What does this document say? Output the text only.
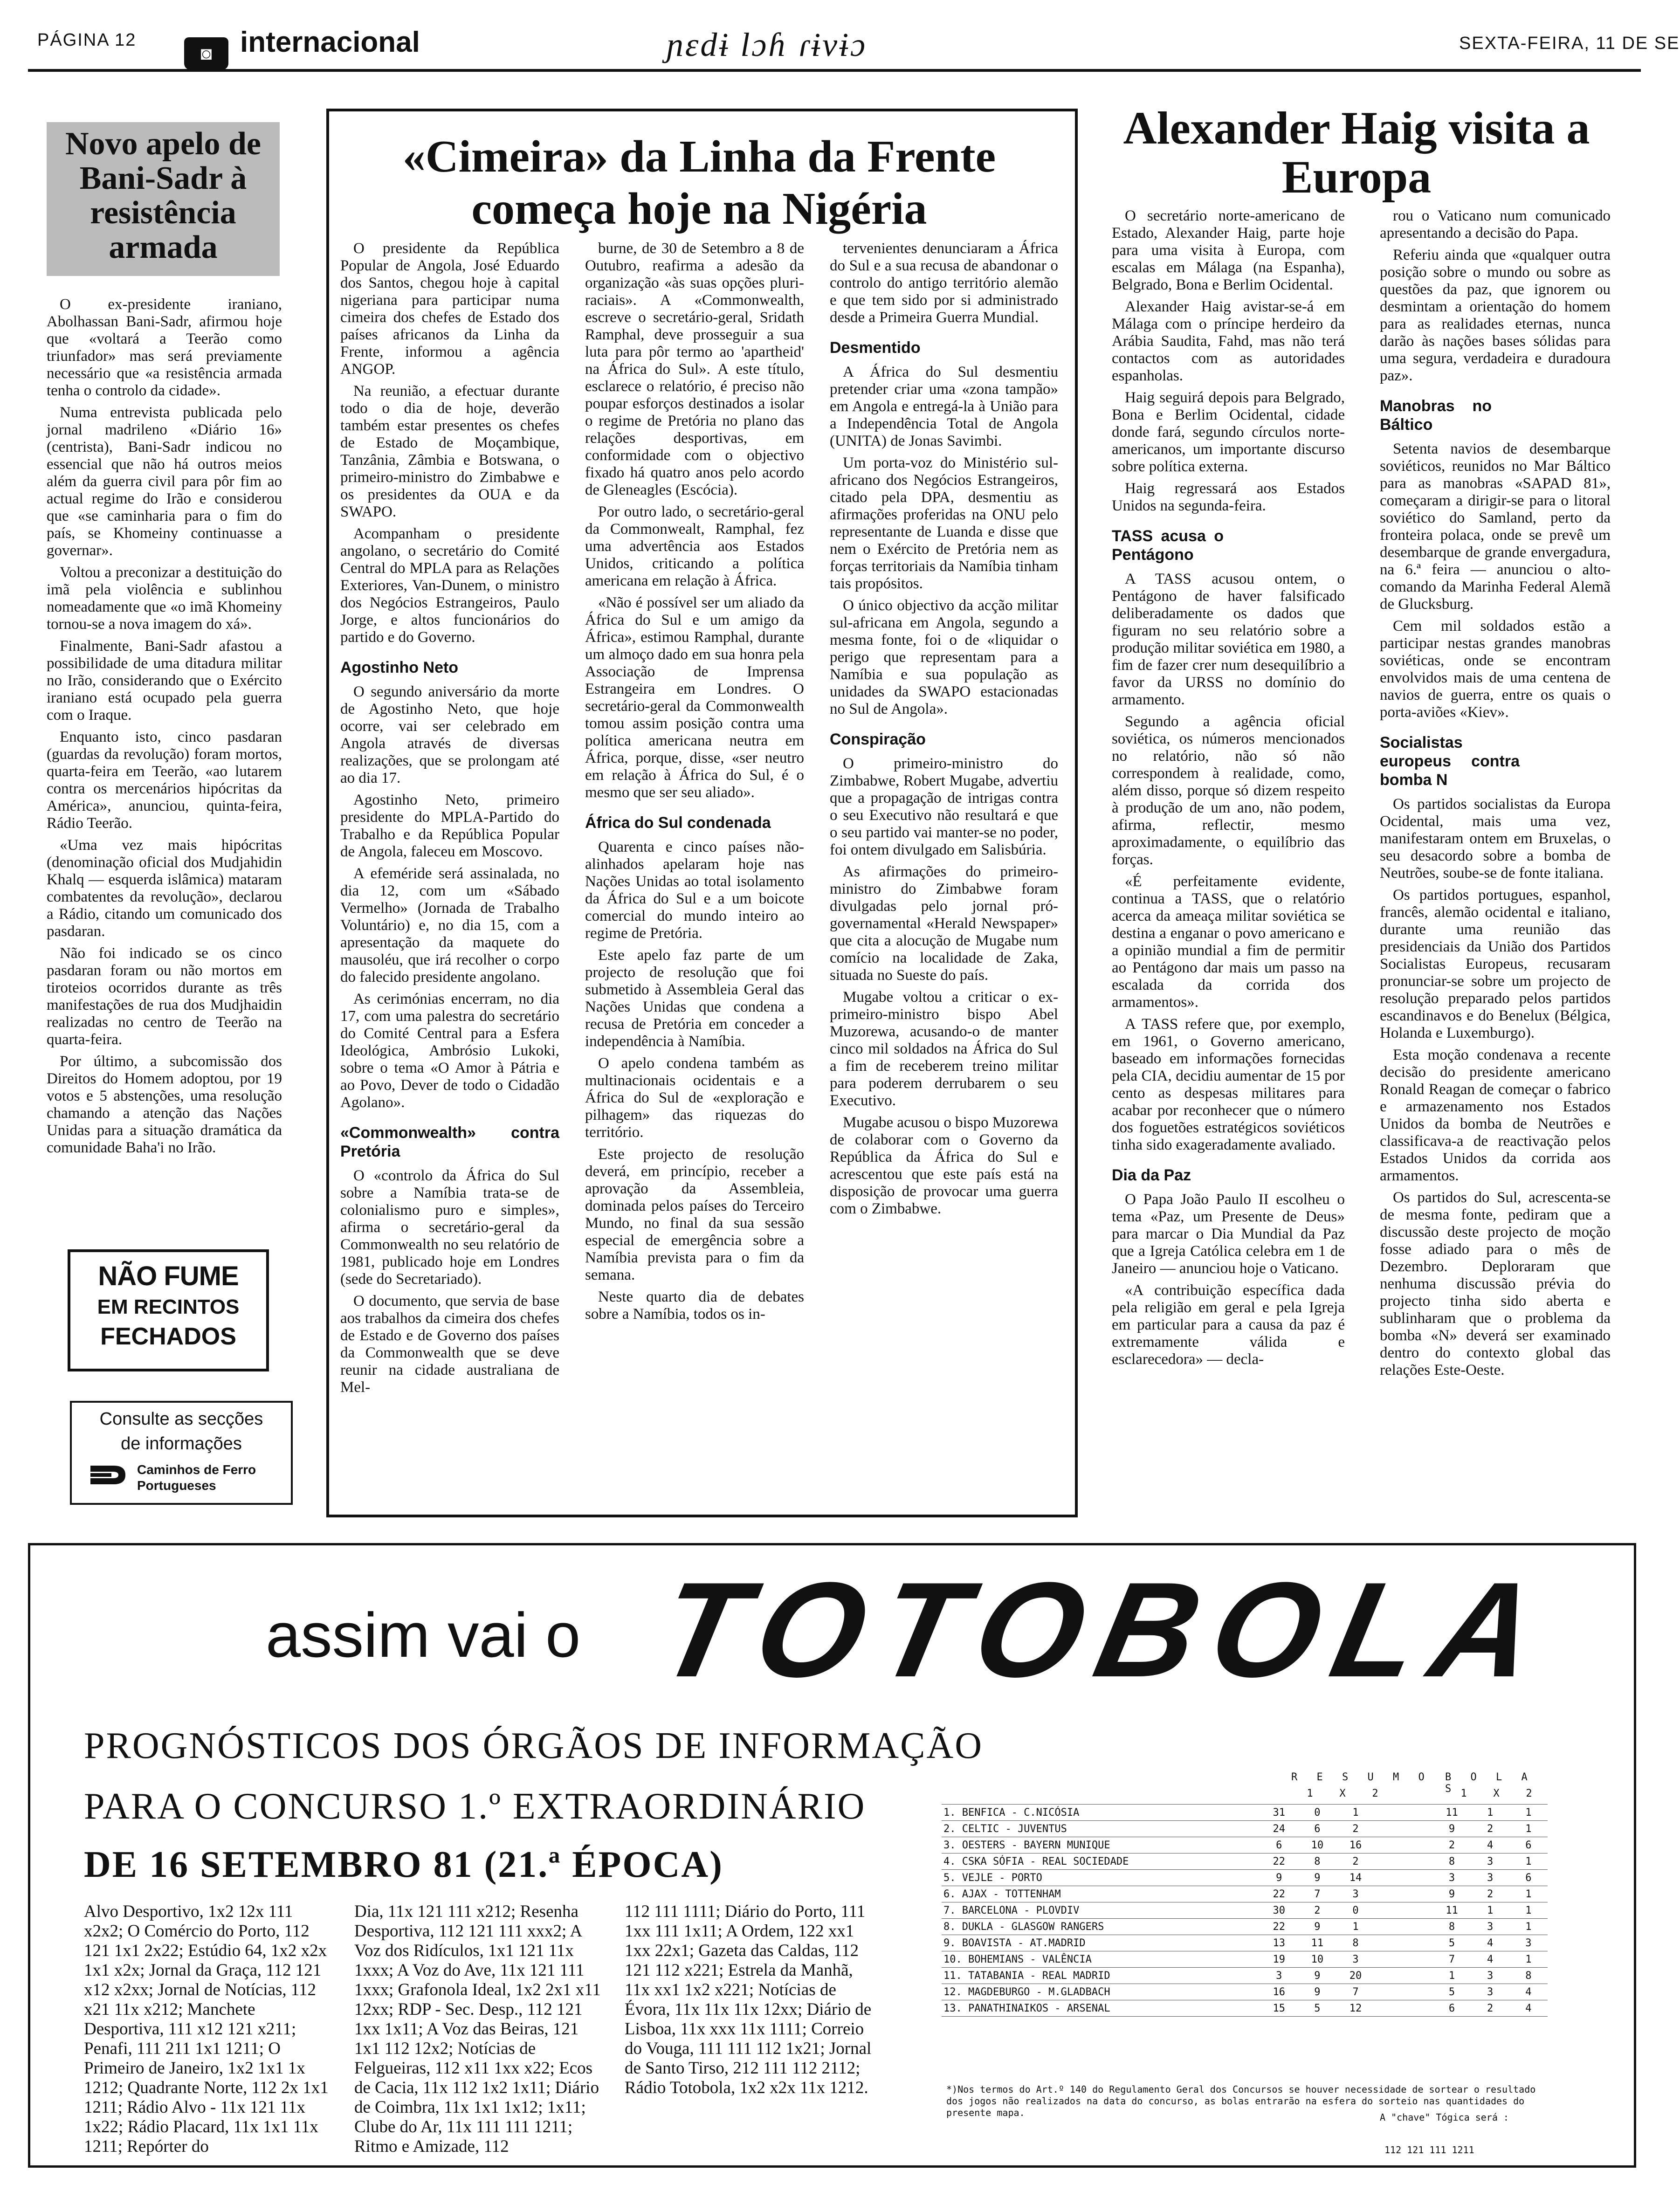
PÁGINA 12
◙ internacional	ɲɛdɨ lɔɦ ɾɨvɨɔ	SEXTA-FEIRA, 11 DE SE
Novo apelo de Bani-Sadr à resistência armada

O ex-presidente iraniano, Abolhassan Bani-Sadr, afirmou hoje que «voltará a Teerão como triunfador» mas será previamente necessário que «a resistência armada tenha o controlo da cidade».

Numa entrevista publicada pelo jornal madrileno «Diário 16» (centrista), Bani-Sadr indicou no essencial que não há outros meios além da guerra civil para pôr fim ao actual regime do Irão e considerou que «se caminharia para o fim do país, se Khomeiny continuasse a governar».

Voltou a preconizar a destituição do imã pela violência e sublinhou nomeadamente que «o imã Khomeiny tornou-se a nova imagem do xá».

Finalmente, Bani-Sadr afastou a possibilidade de uma ditadura militar no Irão, considerando que o Exército iraniano está ocupado pela guerra com o Iraque.

Enquanto isto, cinco pasdaran (guardas da revolução) foram mortos, quarta-feira em Teerão, «ao lutarem contra os mercenários hipócritas da América», anunciou, quinta-feira, Rádio Teerão.

«Uma vez mais hipócritas (denominação oficial dos Mudjahidin Khalq — esquerda islâmica) mataram combatentes da revolução», declarou a Rádio, citando um comunicado dos pasdaran.

Não foi indicado se os cinco pasdaran foram ou não mortos em tiroteios ocorridos durante as três manifestações de rua dos Mudjhaidin realizadas no centro de Teerão na quarta-feira.

Por último, a subcomissão dos Direitos do Homem adoptou, por 19 votos e 5 abstenções, uma resolução chamando a atenção das Nações Unidas para a situação dramática da comunidade Baha'i no Irão.

NÃO FUME
EM RECINTOS
FECHADOS
Consulte as secções
de informações
Caminhos de Ferro
Portugueses
«Cimeira» da Linha da Frente começa hoje na Nigéria

O presidente da República Popular de Angola, José Eduardo dos Santos, chegou hoje à capital nigeriana para participar numa cimeira dos chefes de Estado dos países africanos da Linha da Frente, informou a agência ANGOP.

Na reunião, a efectuar durante todo o dia de hoje, deverão também estar presentes os chefes de Estado de Moçambique, Tanzânia, Zâmbia e Botswana, o primeiro-ministro do Zimbabwe e os presidentes da OUA e da SWAPO.

Acompanham o presidente angolano, o secretário do Comité Central do MPLA para as Relações Exteriores, Van-Dunem, o ministro dos Negócios Estrangeiros, Paulo Jorge, e altos funcionários do partido e do Governo.

Agostinho Neto

O segundo aniversário da morte de Agostinho Neto, que hoje ocorre, vai ser celebrado em Angola através de diversas realizações, que se prolongam até ao dia 17.

Agostinho Neto, primeiro presidente do MPLA-Partido do Trabalho e da República Popular de Angola, faleceu em Moscovo.

A efeméride será assinalada, no dia 12, com um «Sábado Vermelho» (Jornada de Trabalho Voluntário) e, no dia 15, com a apresentação da maquete do mausoléu, que irá recolher o corpo do falecido presidente angolano.

As cerimónias encerram, no dia 17, com uma palestra do secretário do Comité Central para a Esfera Ideológica, Ambrósio Lukoki, sobre o tema «O Amor à Pátria e ao Povo, Dever de todo o Cidadão Agolano».

«Commonwealth» contra Pretória

O «controlo da África do Sul sobre a Namíbia trata-se de colonialismo puro e simples», afirma o secretário-geral da Commonwealth no seu relatório de 1981, publicado hoje em Londres (sede do Secretariado).

O documento, que servia de base aos trabalhos da cimeira dos chefes de Estado e de Governo dos países da Commonwealth que se deve reunir na cidade australiana de Mel-

burne, de 30 de Setembro a 8 de Outubro, reafirma a adesão da organização «às suas opções pluri-raciais». A «Commonwealth, escreve o secretário-geral, Sridath Ramphal, deve prosseguir a sua luta para pôr termo ao 'apartheid' na África do Sul». A este título, esclarece o relatório, é preciso não poupar esforços destinados a isolar o regime de Pretória no plano das relações desportivas, em conformidade com o objectivo fixado há quatro anos pelo acordo de Gleneagles (Escócia).

Por outro lado, o secretário-geral da Commonwealt, Ramphal, fez uma advertência aos Estados Unidos, criticando a política americana em relação à África.

«Não é possível ser um aliado da África do Sul e um amigo da África», estimou Ramphal, durante um almoço dado em sua honra pela Associação de Imprensa Estrangeira em Londres. O secretário-geral da Commonwealth tomou assim posição contra uma política americana neutra em África, porque, disse, «ser neutro em relação à África do Sul, é o mesmo que ser seu aliado».

África do Sul condenada

Quarenta e cinco países não-alinhados apelaram hoje nas Nações Unidas ao total isolamento da África do Sul e a um boicote comercial do mundo inteiro ao regime de Pretória.

Este apelo faz parte de um projecto de resolução que foi submetido à Assembleia Geral das Nações Unidas que condena a recusa de Pretória em conceder a independência à Namíbia.

O apelo condena também as multinacionais ocidentais e a África do Sul de «exploração e pilhagem» das riquezas do território.

Este projecto de resolução deverá, em princípio, receber a aprovação da Assembleia, dominada pelos países do Terceiro Mundo, no final da sua sessão especial de emergência sobre a Namíbia prevista para o fim da semana.

Neste quarto dia de debates sobre a Namíbia, todos os in-

tervenientes denunciaram a África do Sul e a sua recusa de abandonar o controlo do antigo território alemão e que tem sido por si administrado desde a Primeira Guerra Mundial.

Desmentido

A África do Sul desmentiu pretender criar uma «zona tampão» em Angola e entregá-la à União para a Independência Total de Angola (UNITA) de Jonas Savimbi.

Um porta-voz do Ministério sul-africano dos Negócios Estrangeiros, citado pela DPA, desmentiu as afirmações proferidas na ONU pelo representante de Luanda e disse que nem o Exército de Pretória nem as forças territoriais da Namíbia tinham tais propósitos.

O único objectivo da acção militar sul-africana em Angola, segundo a mesma fonte, foi o de «liquidar o perigo que representam para a Namíbia e sua população as unidades da SWAPO estacionadas no Sul de Angola».

Conspiração

O primeiro-ministro do Zimbabwe, Robert Mugabe, advertiu que a propagação de intrigas contra o seu Executivo não resultará e que o seu partido vai manter-se no poder, foi ontem divulgado em Salisbúria.

As afirmações do primeiro-ministro do Zimbabwe foram divulgadas pelo jornal pró-governamental «Herald Newspaper» que cita a alocução de Mugabe num comício na localidade de Zaka, situada no Sueste do país.

Mugabe voltou a criticar o ex-primeiro-ministro bispo Abel Muzorewa, acusando-o de manter cinco mil soldados na África do Sul a fim de receberem treino militar para poderem derrubarem o seu Executivo.

Mugabe acusou o bispo Muzorewa de colaborar com o Governo da República da África do Sul e acrescentou que este país está na disposição de provocar uma guerra com o Zimbabwe.

Alexander Haig visita a Europa

O secretário norte-americano de Estado, Alexander Haig, parte hoje para uma visita à Europa, com escalas em Málaga (na Espanha), Belgrado, Bona e Berlim Ocidental.

Alexander Haig avistar-se-á em Málaga com o príncipe herdeiro da Arábia Saudita, Fahd, mas não terá contactos com as autoridades espanholas.

Haig seguirá depois para Belgrado, Bona e Berlim Ocidental, cidade donde fará, segundo círculos norte-americanos, um importante discurso sobre política externa.

Haig regressará aos Estados Unidos na segunda-feira.

TASS acusa o Pentágono

A TASS acusou ontem, o Pentágono de haver falsificado deliberadamente os dados que figuram no seu relatório sobre a produção militar soviética em 1980, a fim de fazer crer num desequilíbrio a favor da URSS no domínio do armamento.

Segundo a agência oficial soviética, os números mencionados no relatório, não só não correspondem à realidade, como, além disso, porque só dizem respeito à produção de um ano, não podem, afirma, reflectir, mesmo aproximadamente, o equilíbrio das forças.

«É perfeitamente evidente, continua a TASS, que o relatório acerca da ameaça militar soviética se destina a enganar o povo americano e a opinião mundial a fim de permitir ao Pentágono dar mais um passo na escalada da corrida dos armamentos».

A TASS refere que, por exemplo, em 1961, o Governo americano, baseado em informações fornecidas pela CIA, decidiu aumentar de 15 por cento as despesas militares para acabar por reconhecer que o número dos foguetões estratégicos soviéticos tinha sido exageradamente avaliado.

Dia da Paz

O Papa João Paulo II escolheu o tema «Paz, um Presente de Deus» para marcar o Dia Mundial da Paz que a Igreja Católica celebra em 1 de Janeiro — anunciou hoje o Vaticano.

«A contribuição específica dada pela religião em geral e pela Igreja em particular para a causa da paz é extremamente válida e esclarecedora» — decla-

rou o Vaticano num comunicado apresentando a decisão do Papa.

Referiu ainda que «qualquer outra posição sobre o mundo ou sobre as questões da paz, que ignorem ou desmintam a orientação do homem para as realidades eternas, nunca darão às nações bases sólidas para uma segura, verdadeira e duradoura paz».

Manobras no Báltico

Setenta navios de desembarque soviéticos, reunidos no Mar Báltico para as manobras «SAPAD 81», começaram a dirigir-se para o litoral soviético do Samland, perto da fronteira polaca, onde se prevê um desembarque de grande envergadura, na 6.ª feira — anunciou o alto-comando da Marinha Federal Alemã de Glucksburg.

Cem mil soldados estão a participar nestas grandes manobras soviéticas, onde se encontram envolvidos mais de uma centena de navios de guerra, entre os quais o porta-aviões «Kiev».

Socialistas europeus contra bomba N

Os partidos socialistas da Europa Ocidental, mais uma vez, manifestaram ontem em Bruxelas, o seu desacordo sobre a bomba de Neutrões, soube-se de fonte italiana.

Os partidos portugues, espanhol, francês, alemão ocidental e italiano, durante uma reunião das presidenciais da União dos Partidos Socialistas Europeus, recusaram pronunciar-se sobre um projecto de resolução preparado pelos partidos escandinavos e do Benelux (Bélgica, Holanda e Luxemburgo).

Esta moção condenava a recente decisão do presidente americano Ronald Reagan de começar o fabrico e armazenamento nos Estados Unidos da bomba de Neutrões e classificava-a de reactivação pelos Estados Unidos da corrida aos armamentos.

Os partidos do Sul, acrescenta-se de mesma fonte, pediram que a discussão deste projecto de moção fosse adiado para o mês de Dezembro. Deploraram que nenhuma discussão prévia do projecto tinha sido aberta e sublinharam que o problema da bomba «N» deverá ser examinado dentro do contexto global das relações Este-Oeste.

assim vai o TOTOBOLA
PROGNÓSTICOS DOS ÓRGÃOS DE INFORMAÇÃO
PARA O CONCURSO 1.º EXTRAORDINÁRIO
DE 16 SETEMBRO 81 (21.ª ÉPOCA)
Alvo Desportivo, 1x2 12x 111 x2x2; O Comércio do Porto, 112 121 1x1 2x22; Estúdio 64, 1x2 x2x 1x1 x2x; Jornal da Graça, 112 121 x12 x2xx; Jornal de Notícias, 112 x21 11x x212; Manchete Desportiva, 111 x12 121 x211; Penafi, 111 211 1x1 1211; O Primeiro de Janeiro, 1x2 1x1 1x 1212; Quadrante Norte, 112 2x 1x1 1211; Rádio Alvo - 11x 121 11x 1x22; Rádio Placard, 11x 1x1 11x 1211; Repórter do
Dia, 11x 121 111 x212; Resenha Desportiva, 112 121 111 xxx2; A Voz dos Ridículos, 1x1 121 11x 1xxx; A Voz do Ave, 11x 121 111 1xxx; Grafonola Ideal, 1x2 2x1 x11 12xx; RDP - Sec. Desp., 112 121 1xx 1x11; A Voz das Beiras, 121 1x1 112 12x2; Notícias de Felgueiras, 112 x11 1xx x22; Ecos de Cacia, 11x 112 1x2 1x11; Diário de Coimbra, 11x 1x1 1x12; 1x11; Clube do Ar, 11x 111 111 1211; Ritmo e Amizade, 112
112 111 1111; Diário do Porto, 111 1xx 111 1x11; A Ordem, 122 xx1 1xx 22x1; Gazeta das Caldas, 112 121 112 x221; Estrela da Manhã, 11x xx1 1x2 x221; Notícias de Évora, 11x 11x 11x 12xx; Diário de Lisboa, 11x xxx 11x 1111; Correio do Vouga, 111 111 112 1x21; Jornal de Santo Tirso, 212 111 112 2112; Rádio Totobola, 1x2 x2x 11x 1212.
R E S U M O B O L A S
1	X	2	1	X	2
1. BENFICA - C.NICÓSIA	31	0	1		11	1	1
2. CELTIC - JUVENTUS	24	6	2		9	2	1
3. OESTERS - BAYERN MUNIQUE	6	10	16		2	4	6
4. CSKA SÓFIA - REAL SOCIEDADE	22	8	2		8	3	1
5. VEJLE - PORTO	9	9	14		3	3	6
6. AJAX - TOTTENHAM	22	7	3		9	2	1
7. BARCELONA - PLOVDIV	30	2	0		11	1	1
8. DUKLA - GLASGOW RANGERS	22	9	1		8	3	1
9. BOAVISTA - AT.MADRID	13	11	8		5	4	3
10. BOHEMIANS - VALÊNCIA	19	10	3		7	4	1
11. TATABANIA - REAL MADRID	3	9	20		1	3	8
12. MAGDEBURGO - M.GLADBACH	16	9	7		5	3	4
13. PANATHINAIKOS - ARSENAL	15	5	12		6	2	4
*)Nos termos do Art.º 140 do Regulamento Geral dos Concursos se houver necessidade de sortear o resultado dos jogos não realizados na data do concurso, as bolas entrarão na esfera do sorteio nas quantidades do presente mapa.	A "chave" Tógica será :
112 121 111 1211
